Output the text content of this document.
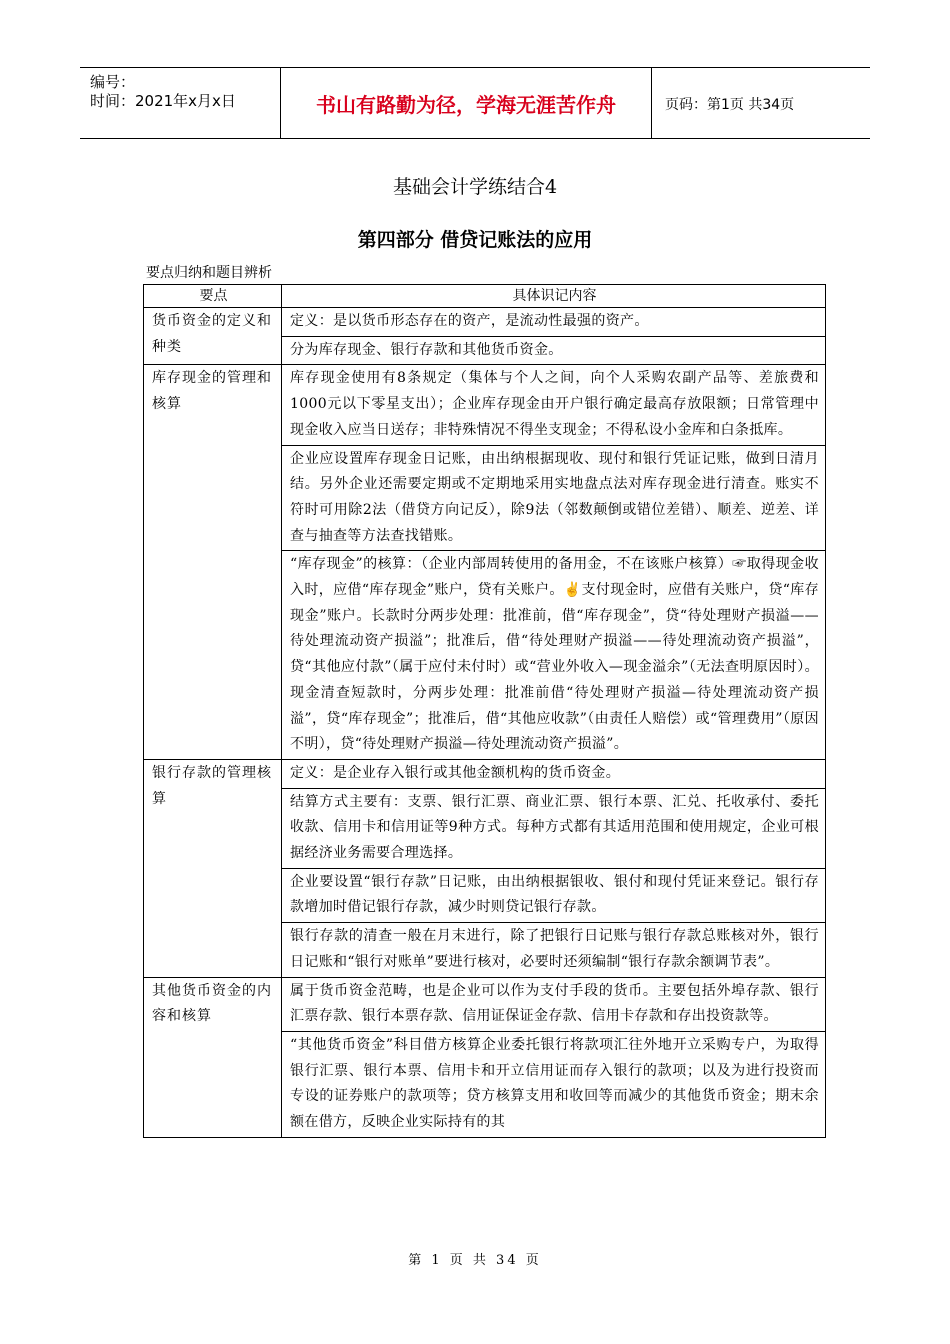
编号：
时间：2021年x月x日	书山有路勤为径，学海无涯苦作舟	页码：第1页 共34页
基础会计学练结合4
第四部分 借贷记账法的应用
要点归纳和题目辨析
要点	具体识记内容
货币资金的定义和种类	定义：是以货币形态存在的资产，是流动性最强的资产。
	分为库存现金、银行存款和其他货币资金。
库存现金的管理和核算	库存现金使用有8条规定（集体与个人之间，向个人采购农副产品等、差旅费和1000元以下零星支出）；企业库存现金由开户银行确定最高存放限额；日常管理中现金收入应当日送存；非特殊情况不得坐支现金；不得私设小金库和白条抵库。
	企业应设置库存现金日记账，由出纳根据现收、现付和银行凭证记账，做到日清月结。另外企业还需要定期或不定期地采用实地盘点法对库存现金进行清查。账实不符时可用除2法（借贷方向记反），除9法（邻数颠倒或错位差错）、顺差、逆差、详查与抽查等方法查找错账。
	“库存现金”的核算：（企业内部周转使用的备用金，不在该账户核算）☞取得现金收入时，应借“库存现金”账户，贷有关账户。✌支付现金时，应借有关账户，贷“库存现金”账户。长款时分两步处理：批准前，借“库存现金”，贷“待处理财产损溢——待处理流动资产损溢”；批准后，借“待处理财产损溢——待处理流动资产损溢”，贷“其他应付款”（属于应付未付时）或“营业外收入—现金溢余”（无法查明原因时）。现金清查短款时，分两步处理：批准前借“待处理财产损溢—待处理流动资产损溢”，贷“库存现金”；批准后，借“其他应收款”（由责任人赔偿）或“管理费用”（原因不明），贷“待处理财产损溢—待处理流动资产损溢”。
银行存款的管理核算	定义：是企业存入银行或其他金额机构的货币资金。
	结算方式主要有：支票、银行汇票、商业汇票、银行本票、汇兑、托收承付、委托收款、信用卡和信用证等9种方式。每种方式都有其适用范围和使用规定，企业可根据经济业务需要合理选择。
	企业要设置“银行存款”日记账，由出纳根据银收、银付和现付凭证来登记。银行存款增加时借记银行存款，减少时则贷记银行存款。
	银行存款的清查一般在月末进行，除了把银行日记账与银行存款总账核对外，银行日记账和“银行对账单”要进行核对，必要时还须编制“银行存款余额调节表”。
其他货币资金的内容和核算	属于货币资金范畴，也是企业可以作为支付手段的货币。主要包括外埠存款、银行汇票存款、银行本票存款、信用证保证金存款、信用卡存款和存出投资款等。
	“其他货币资金”科目借方核算企业委托银行将款项汇往外地开立采购专户，为取得银行汇票、银行本票、信用卡和开立信用证而存入银行的款项；以及为进行投资而专设的证券账户的款项等；贷方核算支用和收回等而减少的其他货币资金；期末余额在借方，反映企业实际持有的其
第 1 页 共 34 页
